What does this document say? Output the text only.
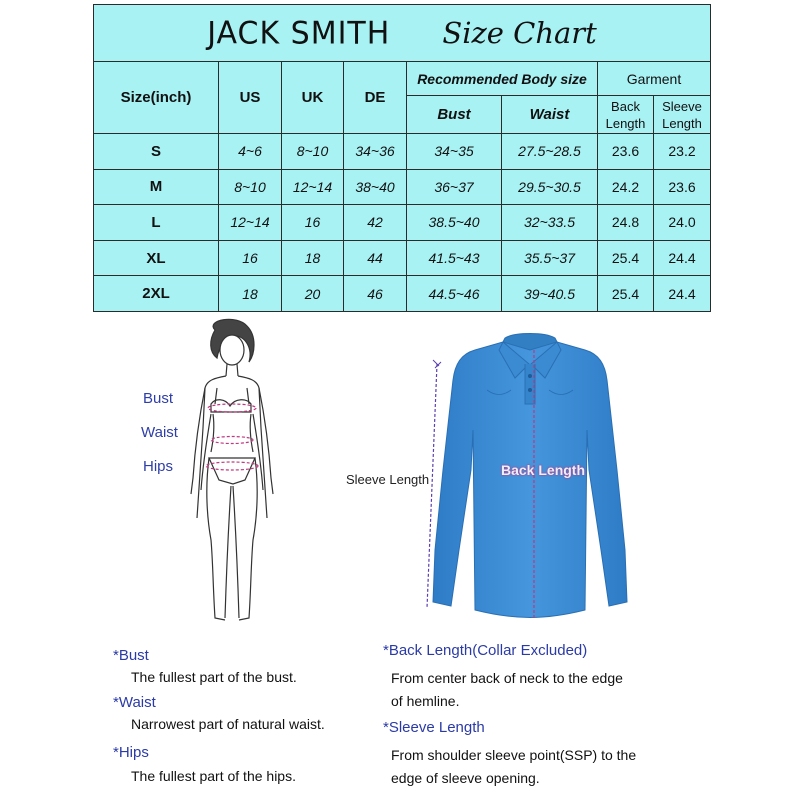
JACK SMITH Size Chart							

Size(inch)	US	UK	DE	Recommended Body size		Garment	
				Bust	Waist	Back Length	Sleeve Length
S	4~6	8~10	34~36	34~35	27.5~28.5	23.6	23.2
M	8~10	12~14	38~40	36~37	29.5~30.5	24.2	23.6
L	12~14	16	42	38.5~40	32~33.5	24.8	24.0
XL	16	18	44	41.5~43	35.5~37	25.4	24.4
2XL	18	20	46	44.5~46	39~40.5	25.4	24.4
Bust
Waist
Hips
Sleeve Length
Back Length
*Bust
The fullest part of the bust.
*Waist
Narrowest part of natural waist.
*Hips
The fullest part of the hips.
*Back Length(Collar Excluded)
From center back of neck to the edge
of hemline.
*Sleeve Length
From shoulder sleeve point(SSP) to the
edge of sleeve opening.
